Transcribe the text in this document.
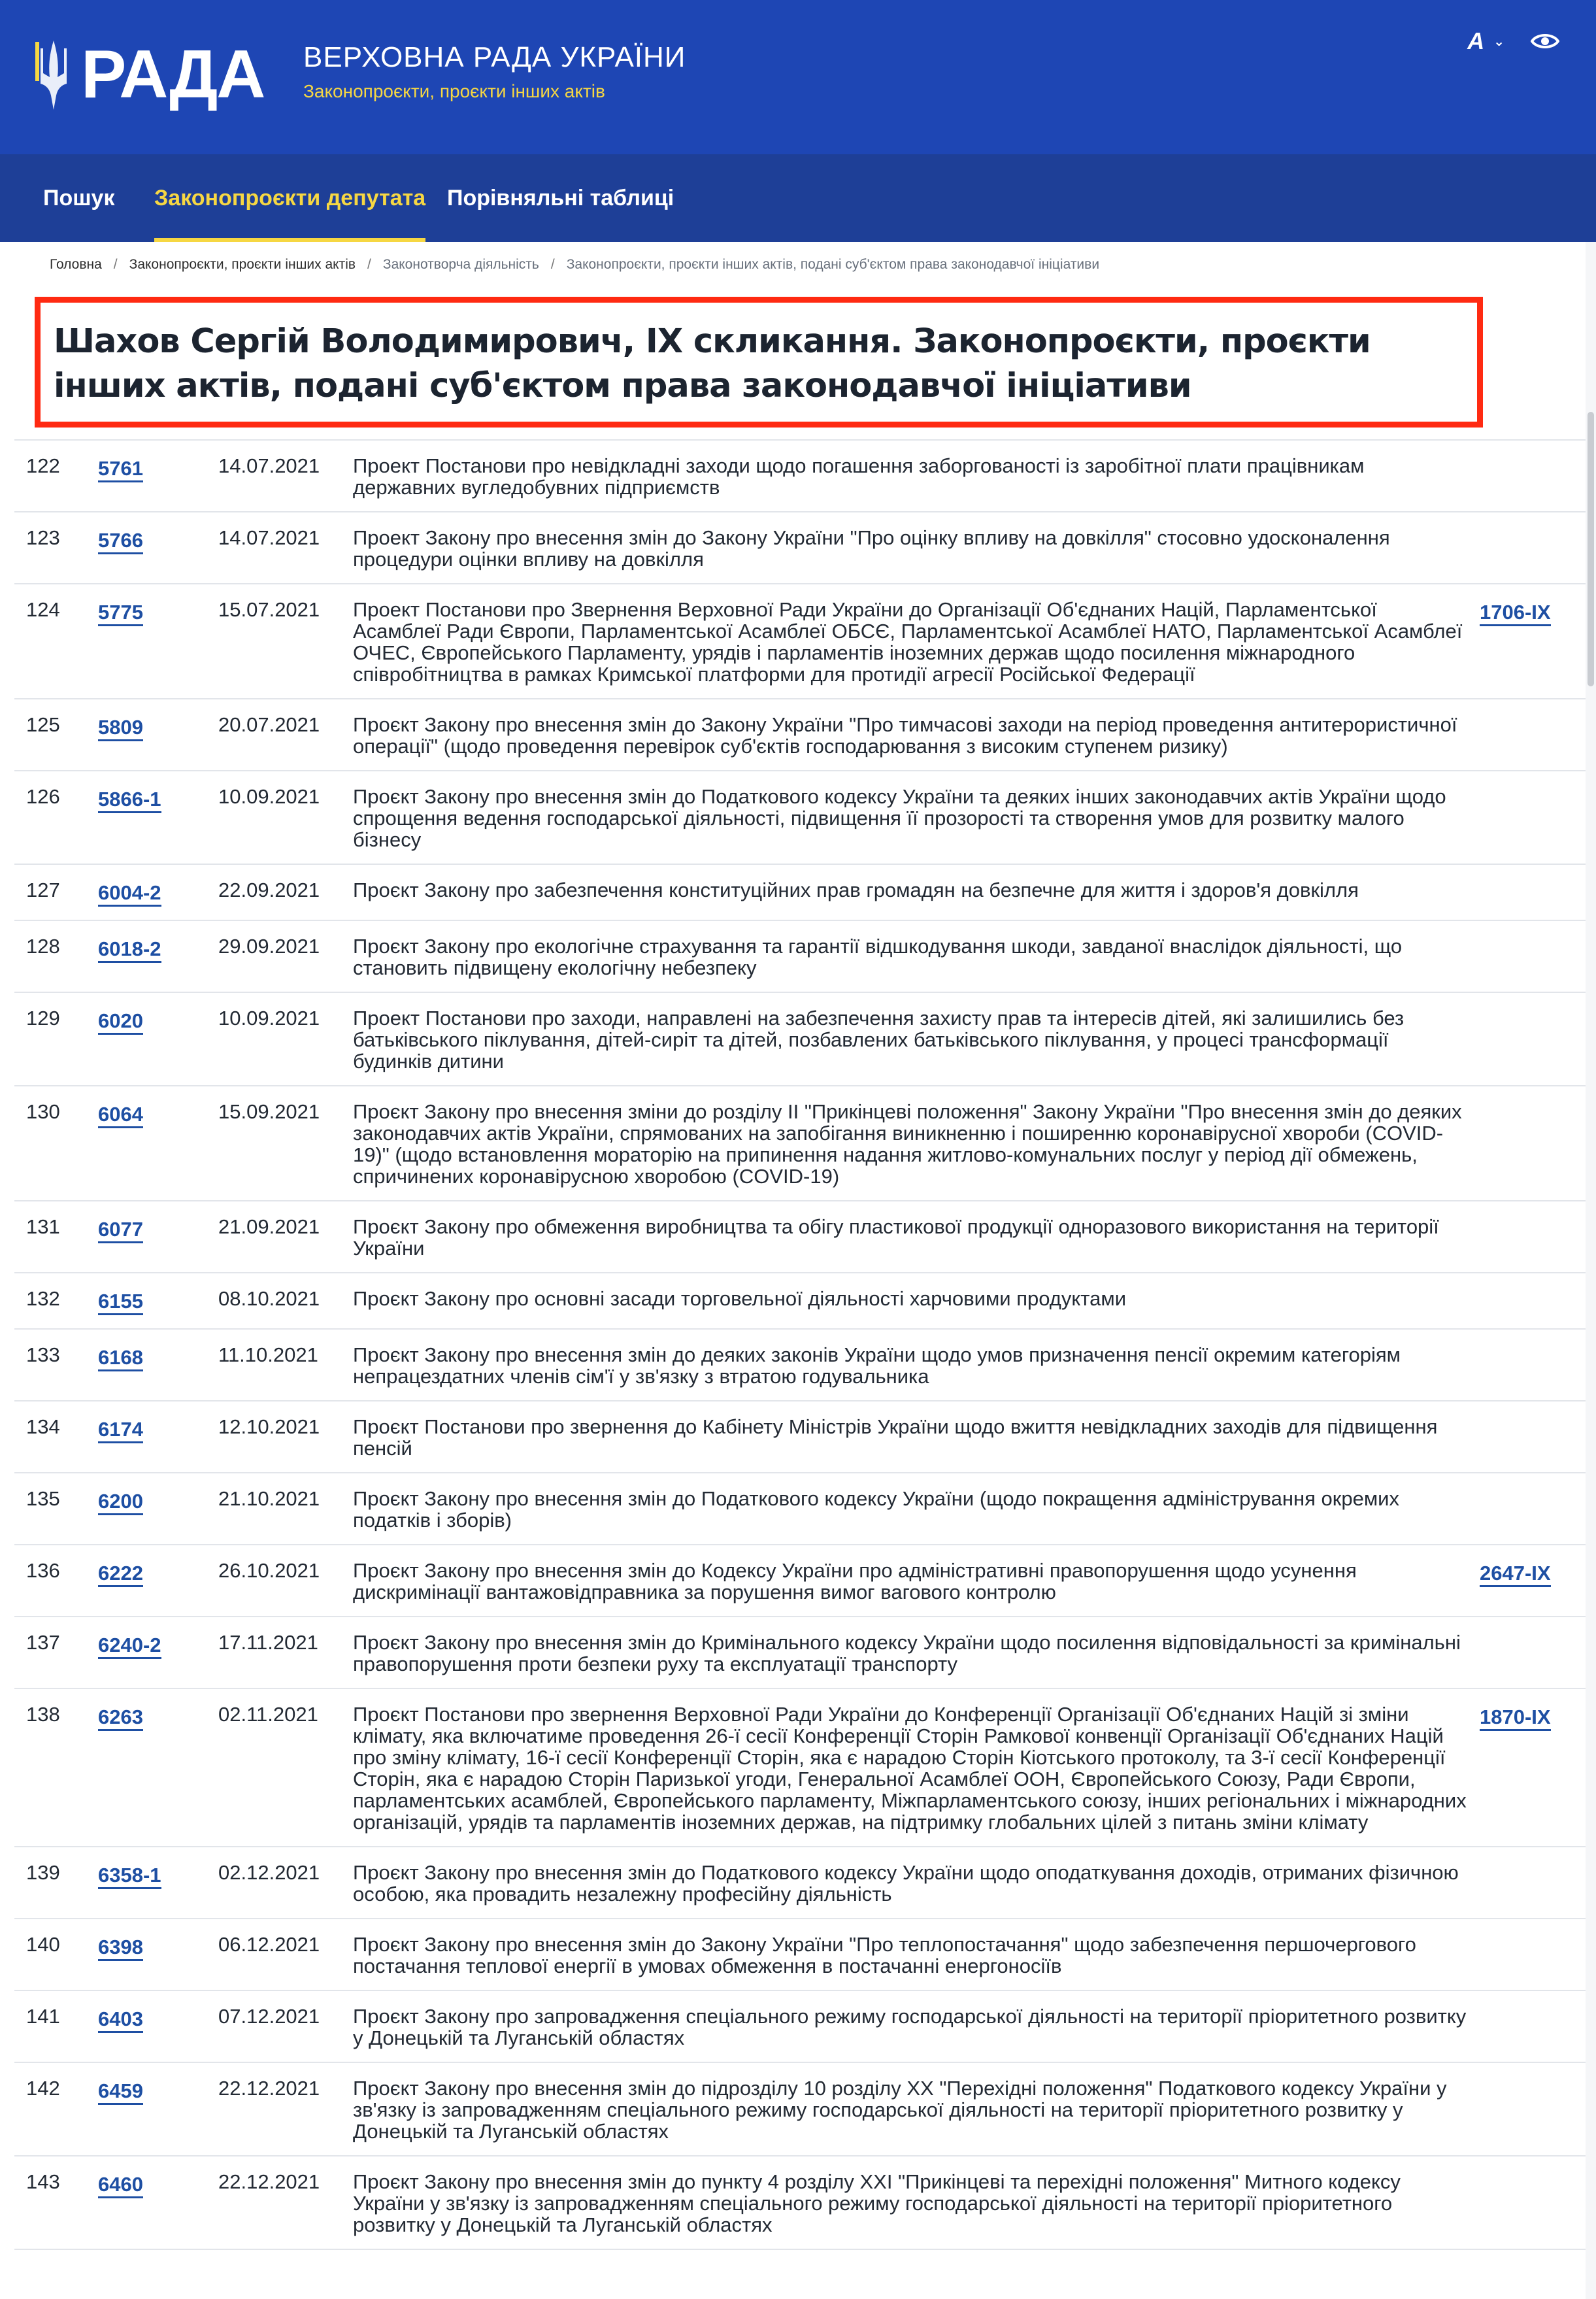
РАДА ВЕРХОВНА РАДА УКРАЇНИ
Законопроєкти, проєкти інших актів
A ⌄
Пошук Законопроєкти депутата Порівняльні таблиці
Головна / Законопроєкти, проєкти інших актів / Законотворча діяльність / Законопроєкти, проєкти інших актів, подані суб'єктом права законодавчої ініціативи
Шахов Сергій Володимирович, ІХ скликання. Законопроєкти, проєкти інших актів, подані суб'єктом права законодавчої ініціативи
122	5761	14.07.2021	Проект Постанови про невідкладні заходи щодо погашення заборгованості із заробітної плати працівникам державних вугледобувних підприємств	
123	5766	14.07.2021	Проект Закону про внесення змін до Закону України "Про оцінку впливу на довкілля" стосовно удосконалення процедури оцінки впливу на довкілля	
124	5775	15.07.2021	Проект Постанови про Звернення Верховної Ради України до Організації Об'єднаних Націй, Парламентської Асамблеї Ради Європи, Парламентської Асамблеї ОБСЄ, Парламентської Асамблеї НАТО, Парламентської Асамблеї ОЧЕС, Європейського Парламенту, урядів і парламентів іноземних держав щодо посилення міжнародного співробітництва в рамках Кримської платформи для протидії агресії Російської Федерації	1706-IX
125	5809	20.07.2021	Проєкт Закону про внесення змін до Закону України "Про тимчасові заходи на період проведення антитерористичної операції" (щодо проведення перевірок суб'єктів господарювання з високим ступенем ризику)	
126	5866-1	10.09.2021	Проєкт Закону про внесення змін до Податкового кодексу України та деяких інших законодавчих актів України щодо спрощення ведення господарської діяльності, підвищення її прозорості та створення умов для розвитку малого бізнесу	
127	6004-2	22.09.2021	Проєкт Закону про забезпечення конституційних прав громадян на безпечне для життя і здоров'я довкілля	
128	6018-2	29.09.2021	Проєкт Закону про екологічне страхування та гарантії відшкодування шкоди, завданої внаслідок діяльності, що становить підвищену екологічну небезпеку	
129	6020	10.09.2021	Проект Постанови про заходи, направлені на забезпечення захисту прав та інтересів дітей, які залишились без батьківського піклування, дітей-сиріт та дітей, позбавлених батьківського піклування, у процесі трансформації будинків дитини	
130	6064	15.09.2021	Проєкт Закону про внесення зміни до розділу II "Прикінцеві положення" Закону України "Про внесення змін до деяких законодавчих актів України, спрямованих на запобігання виникненню і поширенню коронавірусної хвороби (COVID-19)" (щодо встановлення мораторію на припинення надання житлово-комунальних послуг у період дії обмежень, спричинених коронавірусною хворобою (COVID-19)	
131	6077	21.09.2021	Проєкт Закону про обмеження виробництва та обігу пластикової продукції одноразового використання на території України	
132	6155	08.10.2021	Проєкт Закону про основні засади торговельної діяльності харчовими продуктами	
133	6168	11.10.2021	Проєкт Закону про внесення змін до деяких законів України щодо умов призначення пенсії окремим категоріям непрацездатних членів сім'ї у зв'язку з втратою годувальника	
134	6174	12.10.2021	Проєкт Постанови про звернення до Кабінету Міністрів України щодо вжиття невідкладних заходів для підвищення пенсій	
135	6200	21.10.2021	Проєкт Закону про внесення змін до Податкового кодексу України (щодо покращення адміністрування окремих податків і зборів)	
136	6222	26.10.2021	Проєкт Закону про внесення змін до Кодексу України про адміністративні правопорушення щодо усунення дискримінації вантажовідправника за порушення вимог вагового контролю	2647-IX
137	6240-2	17.11.2021	Проєкт Закону про внесення змін до Кримінального кодексу України щодо посилення відповідальності за кримінальні правопорушення проти безпеки руху та експлуатації транспорту	
138	6263	02.11.2021	Проєкт Постанови про звернення Верховної Ради України до Конференції Організації Об'єднаних Націй зі зміни клімату, яка включатиме проведення 26-ї сесії Конференції Сторін Рамкової конвенції Організації Об'єднаних Націй про зміну клімату, 16-ї сесії Конференції Сторін, яка є нарадою Сторін Кіотського протоколу, та 3-ї сесії Конференції Сторін, яка є нарадою Сторін Паризької угоди, Генеральної Асамблеї ООН, Європейського Союзу, Ради Європи, парламентських асамблей, Європейського парламенту, Міжпарламентського союзу, інших регіональних і міжнародних організацій, урядів та парламентів іноземних держав, на підтримку глобальних цілей з питань зміни клімату	1870-IX
139	6358-1	02.12.2021	Проєкт Закону про внесення змін до Податкового кодексу України щодо оподаткування доходів, отриманих фізичною особою, яка провадить незалежну професійну діяльність	
140	6398	06.12.2021	Проєкт Закону про внесення змін до Закону України "Про теплопостачання" щодо забезпечення першочергового постачання теплової енергії в умовах обмеження в постачанні енергоносіїв	
141	6403	07.12.2021	Проєкт Закону про запровадження спеціального режиму господарської діяльності на території пріоритетного розвитку у Донецькій та Луганській областях	
142	6459	22.12.2021	Проєкт Закону про внесення змін до підрозділу 10 розділу XX "Перехідні положення" Податкового кодексу України у зв'язку із запровадженням спеціального режиму господарської діяльності на території пріоритетного розвитку у Донецькій та Луганській областях	
143	6460	22.12.2021	Проєкт Закону про внесення змін до пункту 4 розділу XXI "Прикінцеві та перехідні положення" Митного кодексу України у зв'язку із запровадженням спеціального режиму господарської діяльності на території пріоритетного розвитку у Донецькій та Луганській областях	
